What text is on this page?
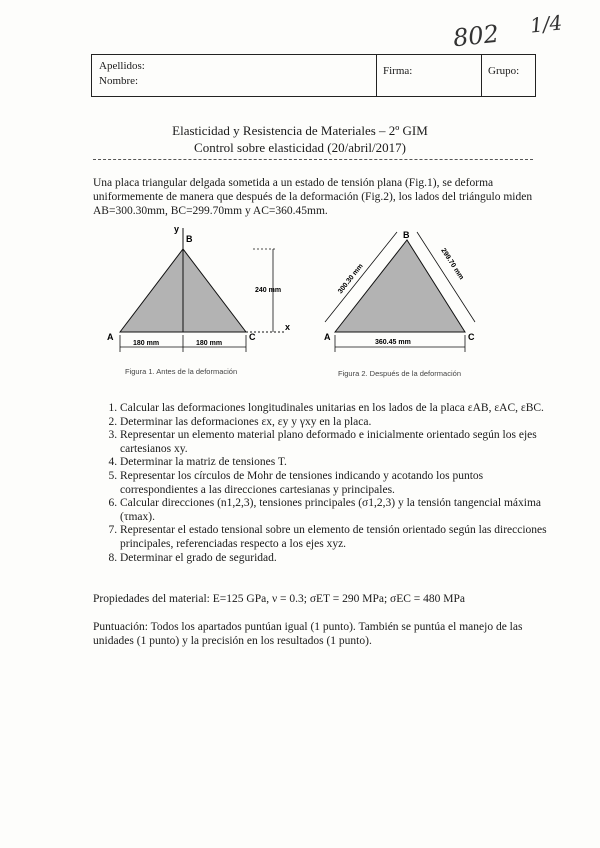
802 1/4
Apellidos:
Nombre:
Firma:	Grupo:
Elasticidad y Resistencia de Materiales – 2º GIM
Control sobre elasticidad (20/abril/2017)
Una placa triangular delgada sometida a un estado de tensión plana (Fig.1), se deforma uniformemente de manera que después de la deformación (Fig.2), los lados del triángulo miden AB=300.30mm, BC=299.70mm y AC=360.45mm.
y
B
A	C
x
240 mm
180 mm	180 mm
Figura 1. Antes de la deformación
B
A	C
300.30 mm	299.70 mm
360.45 mm
Figura 2. Después de la deformación
1. Calcular las deformaciones longitudinales unitarias en los lados de la placa εAB, εAC, εBC.
2. Determinar las deformaciones εx, εy y γxy en la placa.
3. Representar un elemento material plano deformado e inicialmente orientado según los ejes cartesianos xy.
4. Determinar la matriz de tensiones T.
5. Representar los círculos de Mohr de tensiones indicando y acotando los puntos correspondientes a las direcciones cartesianas y principales.
6. Calcular direcciones (n1,2,3), tensiones principales (σ1,2,3) y la tensión tangencial máxima (τmax).
7. Representar el estado tensional sobre un elemento de tensión orientado según las direcciones principales, referenciadas respecto a los ejes xyz.
8. Determinar el grado de seguridad.
Propiedades del material: E=125 GPa, ν = 0.3; σET = 290 MPa; σEC = 480 MPa
Puntuación: Todos los apartados puntúan igual (1 punto). También se puntúa el manejo de las unidades (1 punto) y la precisión en los resultados (1 punto).
